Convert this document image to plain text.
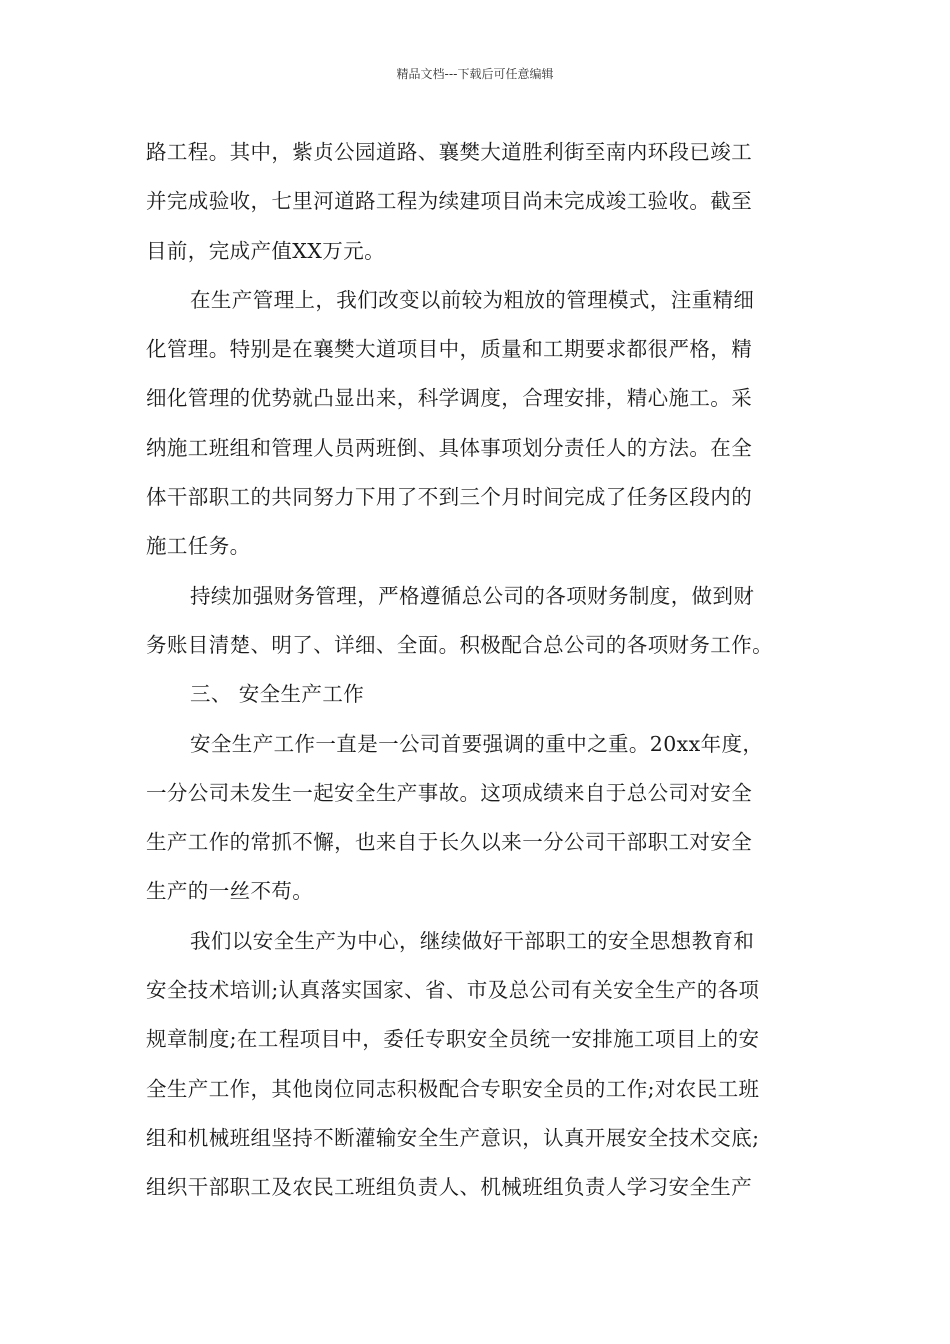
精品文档---下载后可任意编辑
路工程。其中，紫贞公园道路、襄樊大道胜利街至南内环段已竣工
并完成验收，七里河道路工程为续建项目尚未完成竣工验收。截至
目前，完成产值XX万元。
在生产管理上，我们改变以前较为粗放的管理模式，注重精细
化管理。特别是在襄樊大道项目中，质量和工期要求都很严格，精
细化管理的优势就凸显出来，科学调度，合理安排，精心施工。采
纳施工班组和管理人员两班倒、具体事项划分责任人的方法。在全
体干部职工的共同努力下用了不到三个月时间完成了任务区段内的
施工任务。
持续加强财务管理，严格遵循总公司的各项财务制度，做到财
务账目清楚、明了、详细、全面。积极配合总公司的各项财务工作。
三、 安全生产工作
安全生产工作一直是一公司首要强调的重中之重。20xx年度，
一分公司未发生一起安全生产事故。这项成绩来自于总公司对安全
生产工作的常抓不懈，也来自于长久以来一分公司干部职工对安全
生产的一丝不苟。
我们以安全生产为中心，继续做好干部职工的安全思想教育和
安全技术培训;认真落实国家、省、市及总公司有关安全生产的各项
规章制度;在工程项目中，委任专职安全员统一安排施工项目上的安
全生产工作，其他岗位同志积极配合专职安全员的工作;对农民工班
组和机械班组坚持不断灌输安全生产意识，认真开展安全技术交底;
组织干部职工及农民工班组负责人、机械班组负责人学习安全生产
